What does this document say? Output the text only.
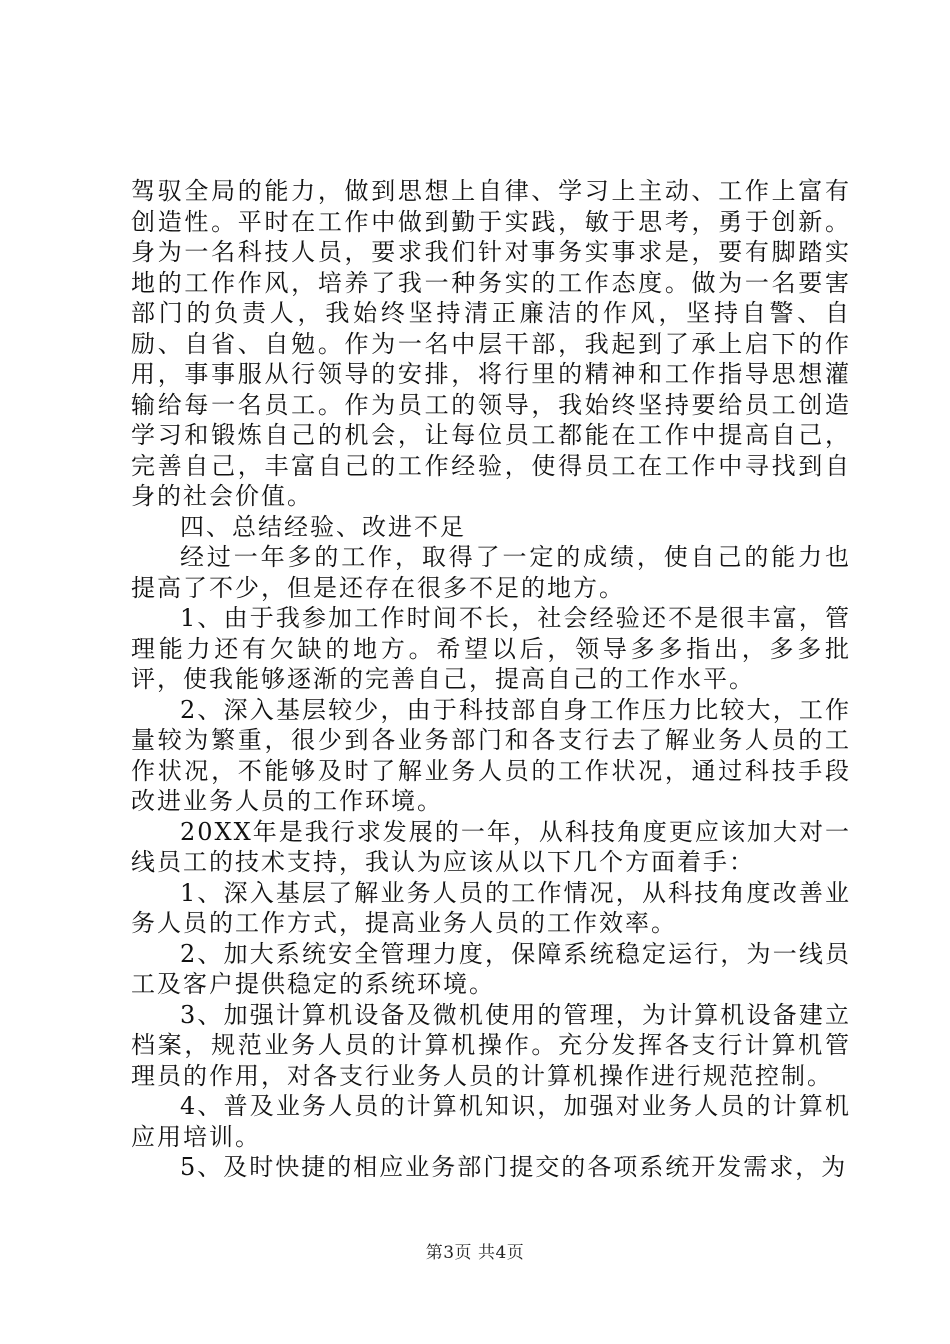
驾驭全局的能力，做到思想上自律、学习上主动、工作上富有创造性。平时在工作中做到勤于实践，敏于思考，勇于创新。身为一名科技人员，要求我们针对事务实事求是，要有脚踏实地的工作作风，培养了我一种务实的工作态度。做为一名要害部门的负责人，我始终坚持清正廉洁的作风，坚持自警、自励、自省、自勉。作为一名中层干部，我起到了承上启下的作用，事事服从行领导的安排，将行里的精神和工作指导思想灌输给每一名员工。作为员工的领导，我始终坚持要给员工创造学习和锻炼自己的机会，让每位员工都能在工作中提高自己，完善自己，丰富自己的工作经验，使得员工在工作中寻找到自身的社会价值。

四、总结经验、改进不足

经过一年多的工作，取得了一定的成绩，使自己的能力也提高了不少，但是还存在很多不足的地方。

1、由于我参加工作时间不长，社会经验还不是很丰富，管理能力还有欠缺的地方。希望以后，领导多多指出，多多批评，使我能够逐渐的完善自己，提高自己的工作水平。

2、深入基层较少，由于科技部自身工作压力比较大，工作量较为繁重，很少到各业务部门和各支行去了解业务人员的工作状况，不能够及时了解业务人员的工作状况，通过科技手段改进业务人员的工作环境。

20XX年是我行求发展的一年，从科技角度更应该加大对一线员工的技术支持，我认为应该从以下几个方面着手：

1、深入基层了解业务人员的工作情况，从科技角度改善业务人员的工作方式，提高业务人员的工作效率。

2、加大系统安全管理力度，保障系统稳定运行，为一线员工及客户提供稳定的系统环境。

3、加强计算机设备及微机使用的管理，为计算机设备建立档案，规范业务人员的计算机操作。充分发挥各支行计算机管理员的作用，对各支行业务人员的计算机操作进行规范控制。

4、普及业务人员的计算机知识，加强对业务人员的计算机应用培训。

5、及时快捷的相应业务部门提交的各项系统开发需求，为

第3页 共4页
